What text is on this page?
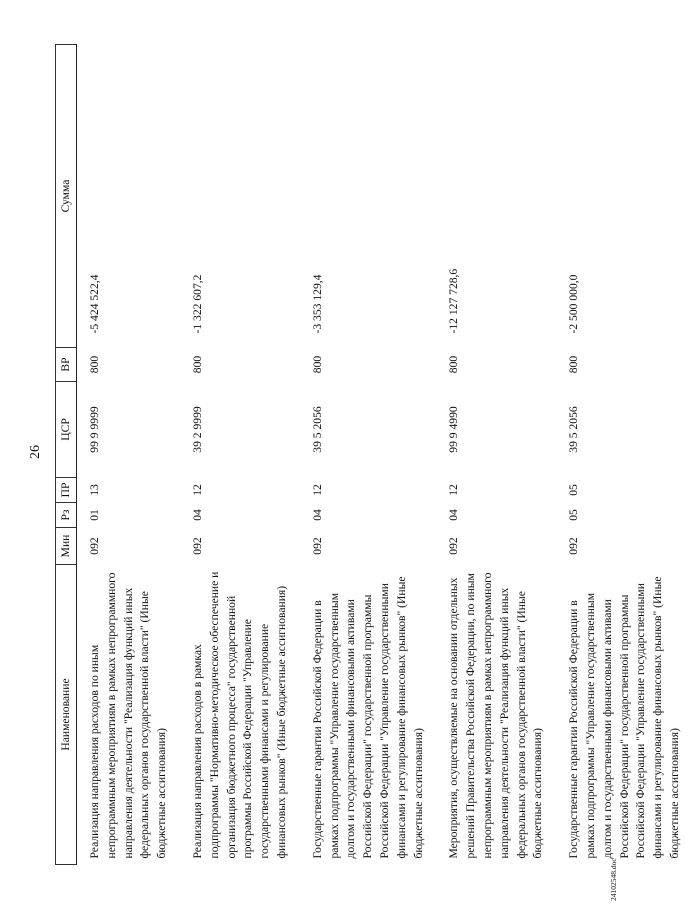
26
Наименование	Мин	Рз	ПР	ЦСР	ВР	Сумма
Реализация направления расходов по иным непрограммным мероприятиям в рамках непрограммного направления деятельности "Реализация функций иных федеральных органов государственной власти" (Иные бюджетные ассигнования)	092	01	13	99 9 9999	800	-5 424 522,4
Реализация направления расходов в рамках подпрограммы "Нормативно-методическое обеспечение и организация бюджетного процесса" государственной программы Российской Федерации "Управление государственными финансами и регулирование финансовых рынков" (Иные бюджетные ассигнования)	092	04	12	39 2 9999	800	-1 322 607,2
Государственные гарантии Российской Федерации в рамках подпрограммы "Управление государственным долгом и государственными финансовыми активами Российской Федерации" государственной программы Российской Федерации "Управление государственными финансами и регулирование финансовых рынков" (Иные бюджетные ассигнования)	092	04	12	39 5 2056	800	-3 353 129,4
Мероприятия, осуществляемые на основании отдельных решений Правительства Российской Федерации, по иным непрограммным мероприятиям в рамках непрограммного направления деятельности "Реализация функций иных федеральных органов государственной власти" (Иные бюджетные ассигнования)	092	04	12	99 9 4990	800	-12 127 728,6
Государственные гарантии Российской Федерации в рамках подпрограммы "Управление государственным долгом и государственными финансовыми активами Российской Федерации" государственной программы Российской Федерации "Управление государственными финансами и регулирование финансовых рынков" (Иные бюджетные ассигнования)	092	05	05	39 5 2056	800	-2 500 000,0
24102548.doc
